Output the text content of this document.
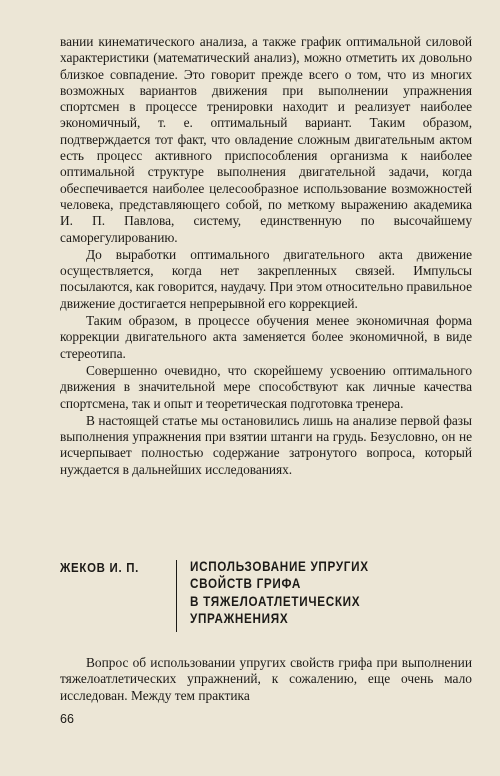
вании кинематического анализа, а также график оптимальной силовой характеристики (математический анализ), можно отметить их довольно близкое совпадение. Это говорит прежде всего о том, что из многих возможных вариантов движения при выполнении упражнения спортсмен в процессе тренировки находит и реализует наиболее экономичный, т. е. оптимальный вариант. Таким образом, подтверждается тот факт, что овладение сложным двигательным актом есть процесс активного приспособления организма к наиболее оптимальной структуре выполнения двигательной задачи, когда обеспечивается наиболее целесообразное использование возможностей человека, представляющего собой, по меткому выражению академика И. П. Павлова, систему, единственную по высочайшему саморегулированию.

До выработки оптимального двигательного акта движение осуществляется, когда нет закрепленных связей. Импульсы посылаются, как говорится, наудачу. При этом относительно правильное движение достигается непрерывной его коррекцией.

Таким образом, в процессе обучения менее экономичная форма коррекции двигательного акта заменяется более экономичной, в виде стереотипа.

Совершенно очевидно, что скорейшему усвоению оптимального движения в значительной мере способствуют как личные качества спортсмена, так и опыт и теоретическая подготовка тренера.

В настоящей статье мы остановились лишь на анализе первой фазы выполнения упражнения при взятии штанги на грудь. Безусловно, он не исчерпывает полностью содержание затронутого вопроса, который нуждается в дальнейших исследованиях.

ЖЕКОВ И. П.	ИСПОЛЬЗОВАНИЕ УПРУГИХ
СВОЙСТВ ГРИФА
В ТЯЖЕЛОАТЛЕТИЧЕСКИХ
УПРАЖНЕНИЯХ

Вопрос об использовании упругих свойств грифа при выполнении тяжелоатлетических упражнений, к сожалению, еще очень мало исследован. Между тем практика

66
